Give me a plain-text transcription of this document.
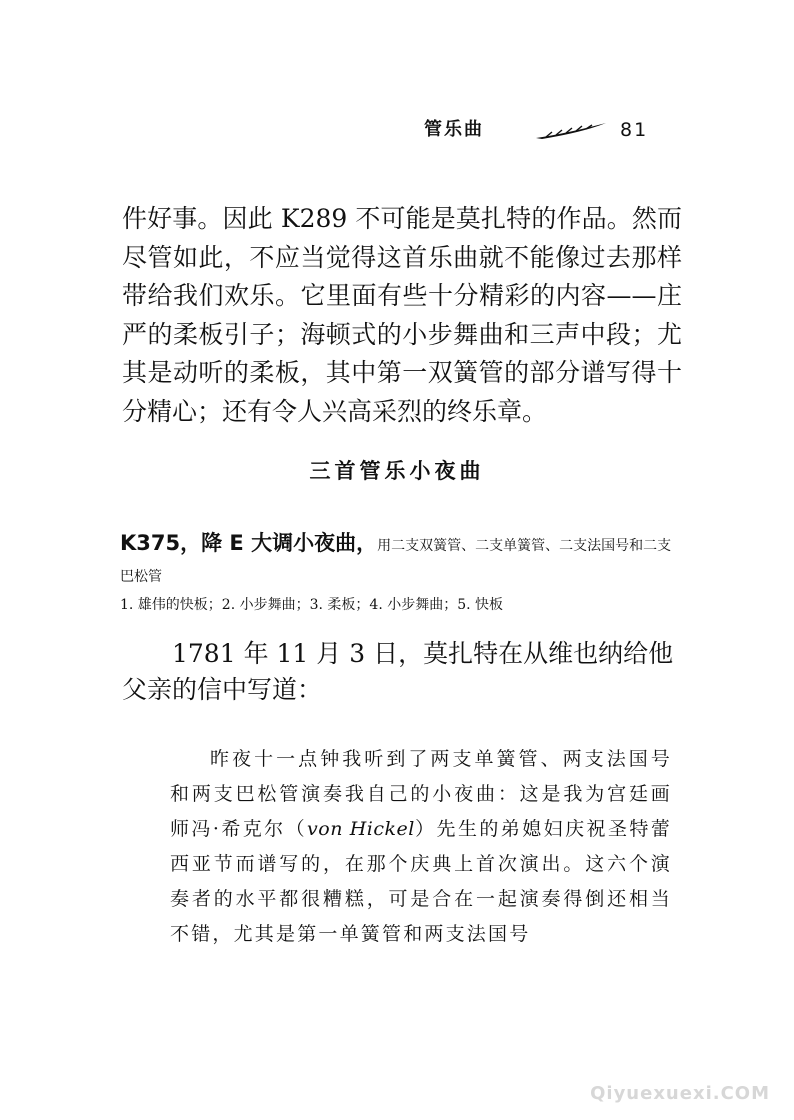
管乐曲	81

件好事。因此 K289 不可能是莫扎特的作品。然而尽管如此，不应当觉得这首乐曲就不能像过去那样带给我们欢乐。它里面有些十分精彩的内容——庄严的柔板引子；海顿式的小步舞曲和三声中段；尤其是动听的柔板，其中第一双簧管的部分谱写得十分精心；还有令人兴高采烈的终乐章。

三首管乐小夜曲

K375，降 E 大调小夜曲，用二支双簧管、二支单簧管、二支法国号和二支巴松管

1. 雄伟的快板；2. 小步舞曲；3. 柔板；4. 小步舞曲；5. 快板

1781 年 11 月 3 日，莫扎特在从维也纳给他父亲的信中写道：

昨夜十一点钟我听到了两支单簧管、两支法国号和两支巴松管演奏我自己的小夜曲：这是我为宫廷画师冯·希克尔（von Hickel）先生的弟媳妇庆祝圣特蕾西亚节而谱写的，在那个庆典上首次演出。这六个演奏者的水平都很糟糕，可是合在一起演奏得倒还相当不错，尤其是第一单簧管和两支法国号

Qiyuexuexi.COM
